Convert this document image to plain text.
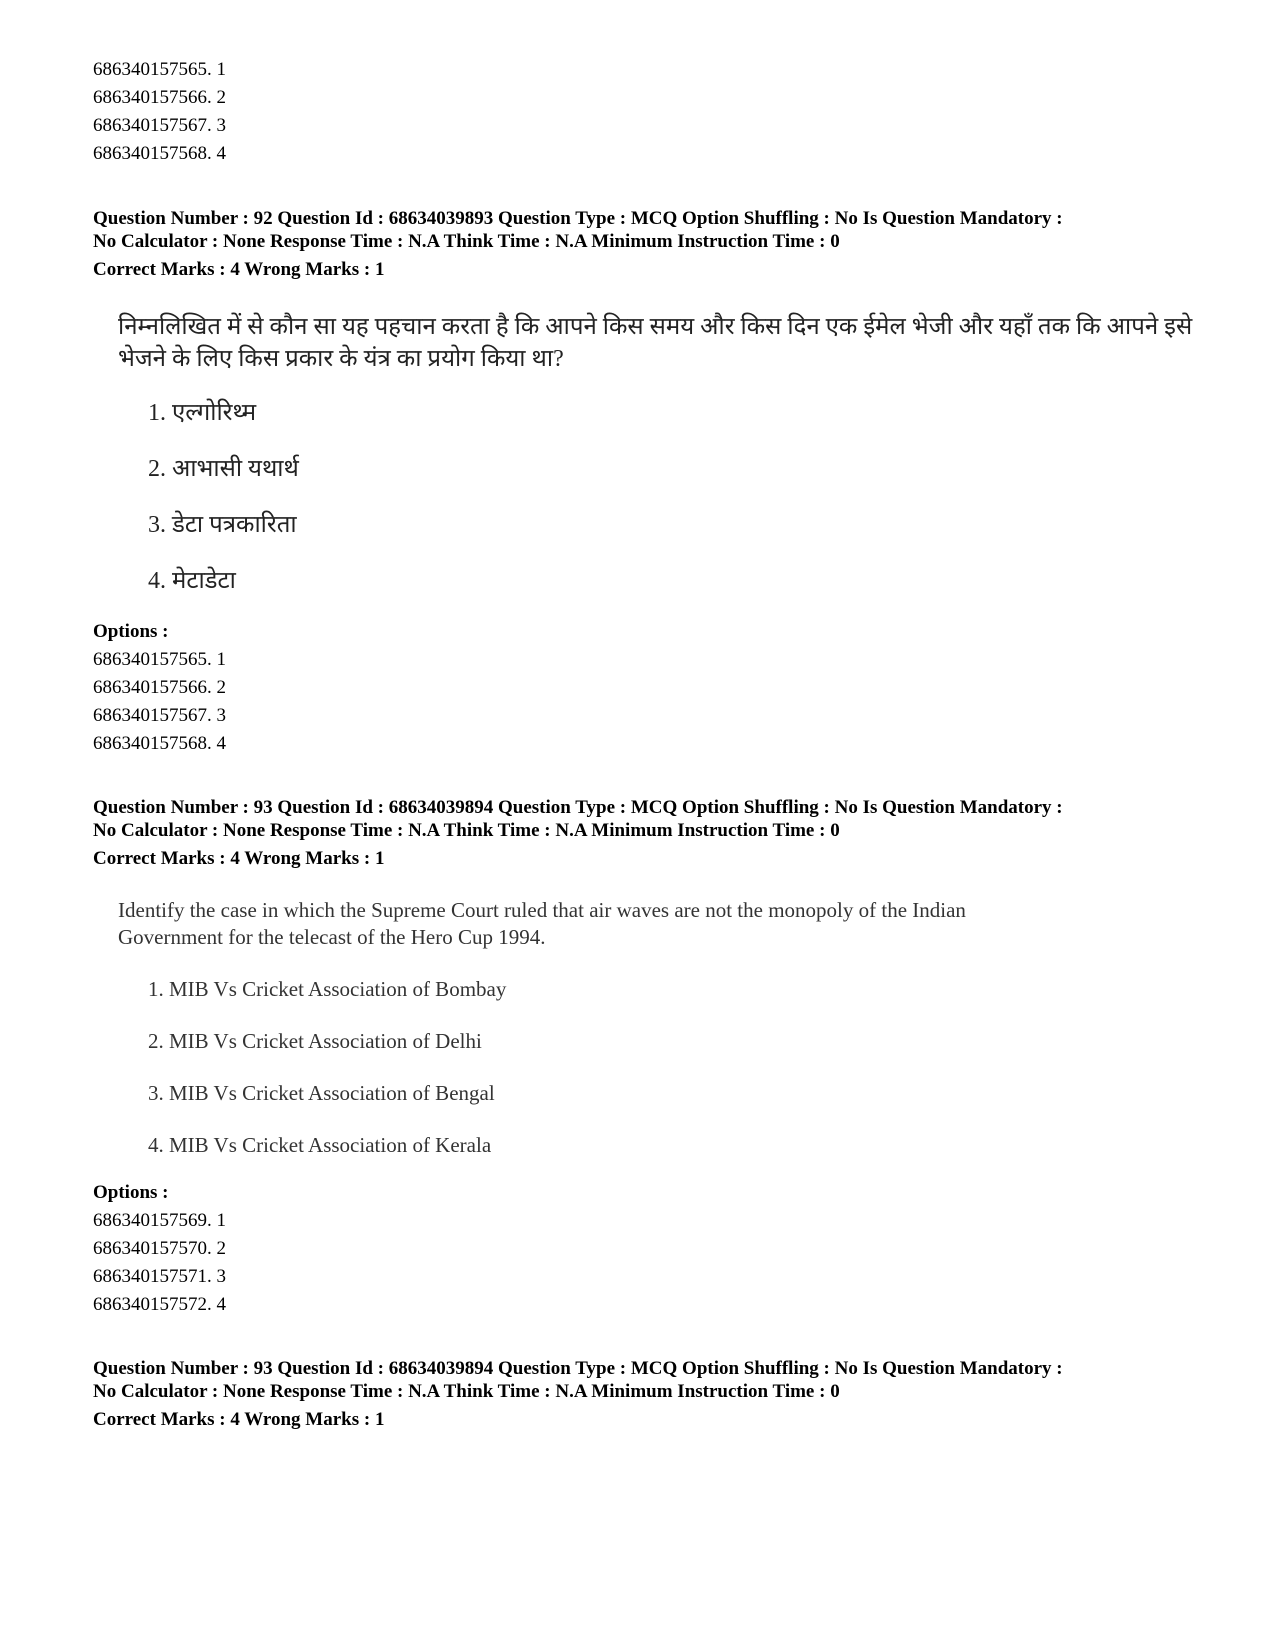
686340157565. 1
686340157566. 2
686340157567. 3
686340157568. 4
Question Number : 92 Question Id : 68634039893 Question Type : MCQ Option Shuffling : No Is Question Mandatory :
No Calculator : None Response Time : N.A Think Time : N.A Minimum Instruction Time : 0
Correct Marks : 4 Wrong Marks : 1
निम्नलिखित में से कौन सा यह पहचान करता है कि आपने किस समय और किस दिन एक ईमेल भेजी और यहाँ तक कि आपने इसे भेजने के लिए किस प्रकार के यंत्र का प्रयोग किया था?
1. एल्गोरिथ्म
2. आभासी यथार्थ
3. डेटा पत्रकारिता
4. मेटाडेटा
Options :
686340157565. 1
686340157566. 2
686340157567. 3
686340157568. 4
Question Number : 93 Question Id : 68634039894 Question Type : MCQ Option Shuffling : No Is Question Mandatory :
No Calculator : None Response Time : N.A Think Time : N.A Minimum Instruction Time : 0
Correct Marks : 4 Wrong Marks : 1
Identify the case in which the Supreme Court ruled that air waves are not the monopoly of the Indian
Government for the telecast of the Hero Cup 1994.
1. MIB Vs Cricket Association of Bombay
2. MIB Vs Cricket Association of Delhi
3. MIB Vs Cricket Association of Bengal
4. MIB Vs Cricket Association of Kerala
Options :
686340157569. 1
686340157570. 2
686340157571. 3
686340157572. 4
Question Number : 93 Question Id : 68634039894 Question Type : MCQ Option Shuffling : No Is Question Mandatory :
No Calculator : None Response Time : N.A Think Time : N.A Minimum Instruction Time : 0
Correct Marks : 4 Wrong Marks : 1
